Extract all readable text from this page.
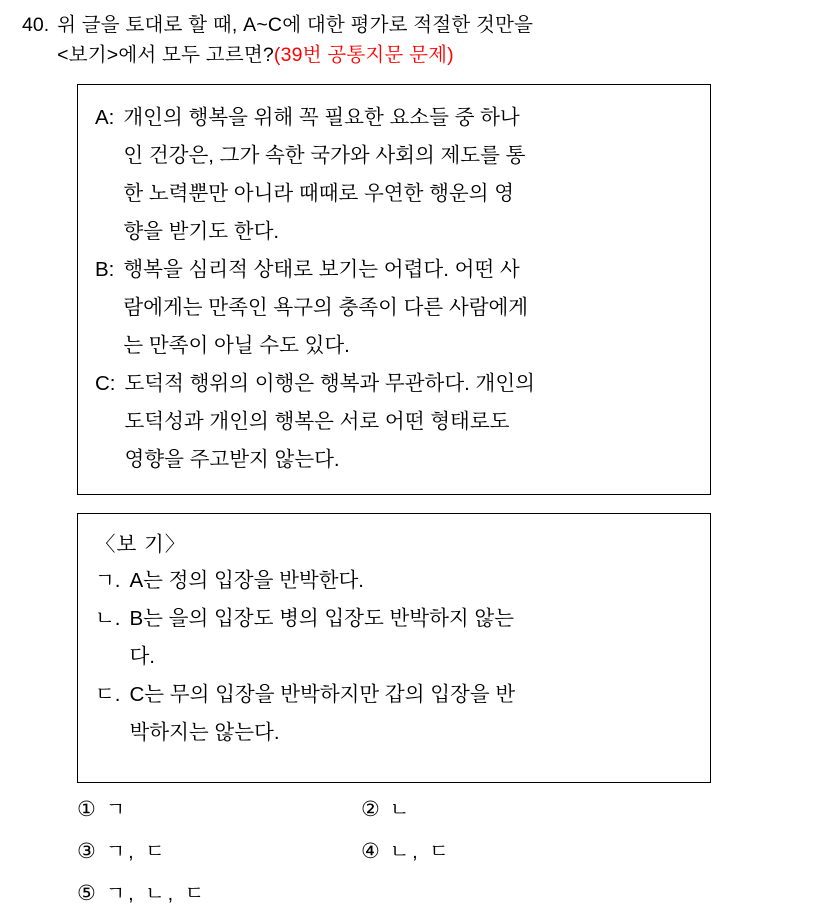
40. 위 글을 토대로 할 때, A~C에 대한 평가로 적절한 것만을
<보기>에서 모두 고르면?(39번 공통지문 문제)
A: 개인의 행복을 위해 꼭 필요한 요소들 중 하나
인 건강은, 그가 속한 국가와 사회의 제도를 통
한 노력뿐만 아니라 때때로 우연한 행운의 영
향을 받기도 한다.
B: 행복을 심리적 상태로 보기는 어렵다. 어떤 사
람에게는 만족인 욕구의 충족이 다른 사람에게
는 만족이 아닐 수도 있다.
C: 도덕적 행위의 이행은 행복과 무관하다. 개인의
도덕성과 개인의 행복은 서로 어떤 형태로도
영향을 주고받지 않는다.
〈보 기〉
ㄱ. A는 정의 입장을 반박한다.
ㄴ. B는 을의 입장도 병의 입장도 반박하지 않는
다.
ㄷ. C는 무의 입장을 반박하지만 갑의 입장을 반
박하지는 않는다.
① ㄱ	② ㄴ
③ ㄱ, ㄷ	④ ㄴ, ㄷ
⑤ ㄱ, ㄴ, ㄷ
